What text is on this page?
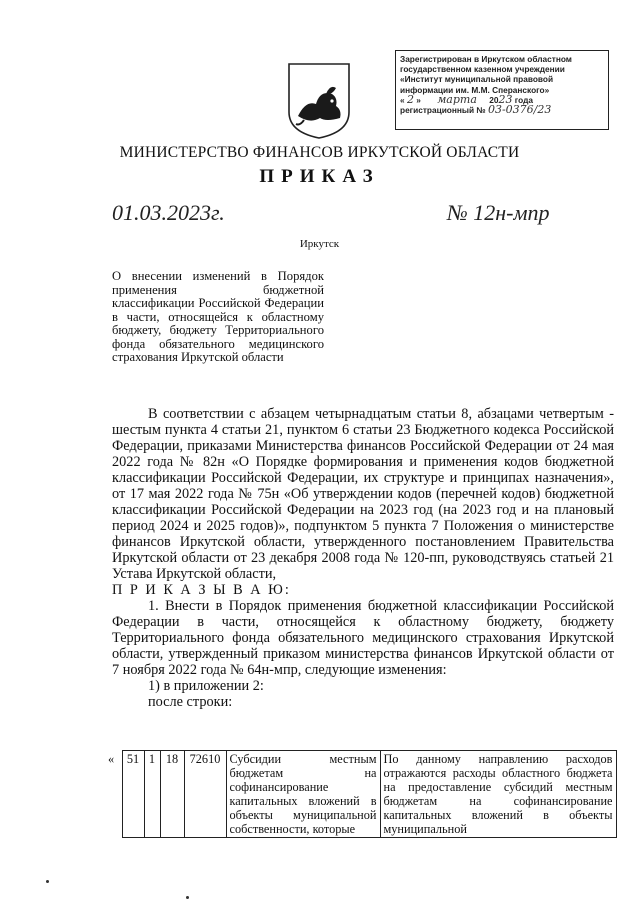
Зарегистрирован в Иркутском областном
государственном казенном учреждении
«Институт муниципальной правовой
информации им. М.М. Сперанского»
« 2 » марта 2023 года
регистрационный № 03-0376/23
МИНИСТЕРСТВО ФИНАНСОВ ИРКУТСКОЙ ОБЛАСТИ
ПРИКАЗ
01.03.2023г.	№ 12н-мпр
Иркутск
О внесении изменений в Порядок применения бюджетной классификации Российской Федерации в части, относящейся к областному бюджету, бюджету Территориального фонда обязательного медицинского страхования Иркутской области

В соответствии с абзацем четырнадцатым статьи 8, абзацами четвертым - шестым пункта 4 статьи 21, пунктом 6 статьи 23 Бюджетного кодекса Российской Федерации, приказами Министерства финансов Российской Федерации от 24 мая 2022 года № 82н «О Порядке формирования и применения кодов бюджетной классификации Российской Федерации, их структуре и принципах назначения», от 17 мая 2022 года № 75н «Об утверждении кодов (перечней кодов) бюджетной классификации Российской Федерации на 2023 год (на 2023 год и на плановый период 2024 и 2025 годов)», подпунктом 5 пункта 7 Положения о министерстве финансов Иркутской области, утвержденного постановлением Правительства Иркутской области от 23 декабря 2008 года № 120-пп, руководствуясь статьей 21 Устава Иркутской области,

П Р И К А З Ы В А Ю:

1. Внести в Порядок применения бюджетной классификации Российской Федерации в части, относящейся к областному бюджету, бюджету Территориального фонда обязательного медицинского страхования Иркутской области, утвержденный приказом министерства финансов Иркутской области от 7 ноября 2022 года № 64н-мпр, следующие изменения:

1) в приложении 2:

после строки:

«	51	1	18	72610	Субсидии местным бюджетам на софинансирование капитальных вложений в объекты муниципальной собственности, которые	По данному направлению расходов отражаются расходы областного бюджета на предоставление субсидий местным бюджетам на софинансирование капитальных вложений в объекты муниципальной
